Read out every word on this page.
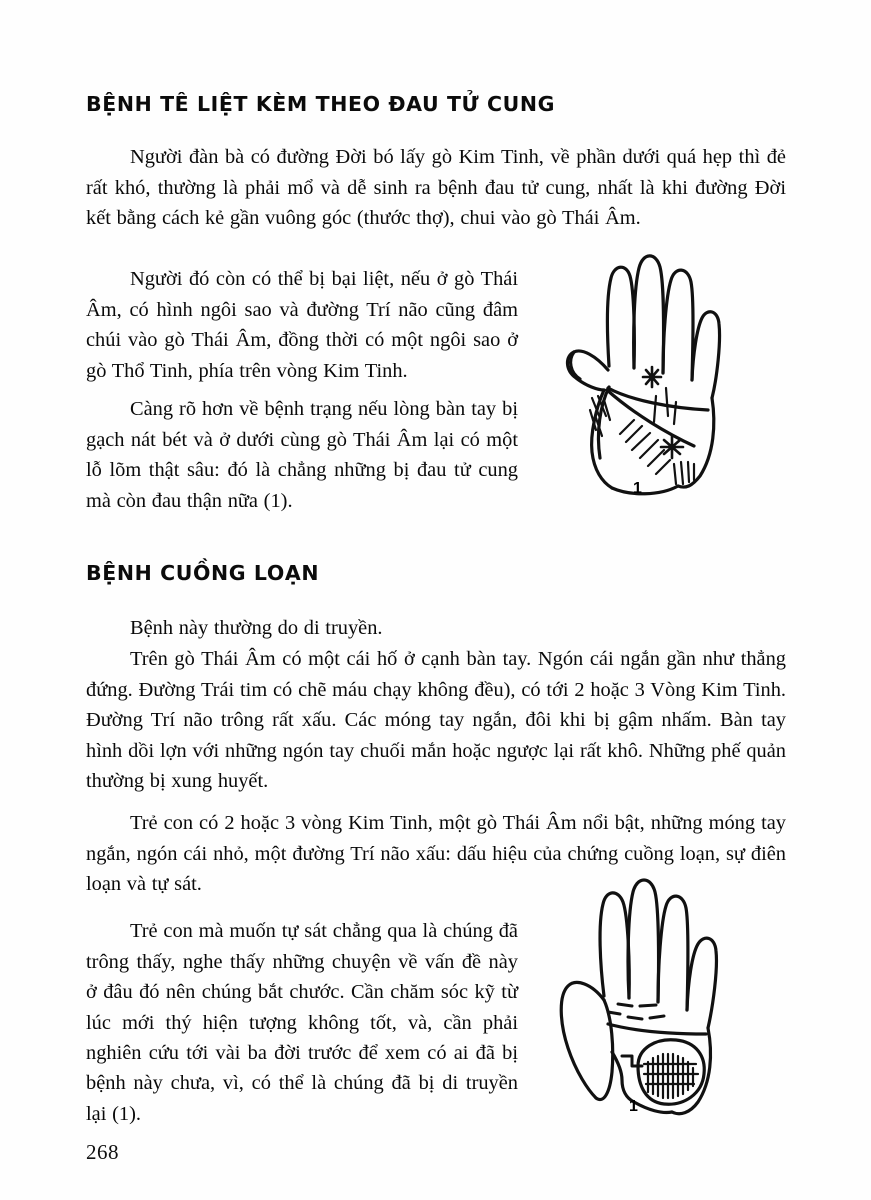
BỆNH TÊ LIỆT KÈM THEO ĐAU TỬ CUNG

Người đàn bà có đường Đời bó lấy gò Kim Tinh, về phần dưới quá hẹp thì đẻ rất khó, thường là phải mổ và dễ sinh ra bệnh đau tử cung, nhất là khi đường Đời kết bằng cách kẻ gần vuông góc (thước thợ), chui vào gò Thái Âm.

Người đó còn có thể bị bại liệt, nếu ở gò Thái Âm, có hình ngôi sao và đường Trí não cũng đâm chúi vào gò Thái Âm, đồng thời có một ngôi sao ở gò Thổ Tinh, phía trên vòng Kim Tinh.

Càng rõ hơn về bệnh trạng nếu lòng bàn tay bị gạch nát bét và ở dưới cùng gò Thái Âm lại có một lỗ lõm thật sâu: đó là chẳng những bị đau tử cung mà còn đau thận nữa (1).

1
BỆNH CUỒNG LOẠN

Bệnh này thường do di truyền.

Trên gò Thái Âm có một cái hố ở cạnh bàn tay. Ngón cái ngắn gần như thẳng đứng. Đường Trái tim có chẽ máu chạy không đều), có tới 2 hoặc 3 Vòng Kim Tinh. Đường Trí não trông rất xấu. Các móng tay ngắn, đôi khi bị gậm nhấm. Bàn tay hình dồi lợn với những ngón tay chuối mắn hoặc ngược lại rất khô. Những phế quản thường bị xung huyết.

Trẻ con có 2 hoặc 3 vòng Kim Tinh, một gò Thái Âm nổi bật, những móng tay ngắn, ngón cái nhỏ, một đường Trí não xấu: dấu hiệu của chứng cuồng loạn, sự điên loạn và tự sát.

Trẻ con mà muốn tự sát chẳng qua là chúng đã trông thấy, nghe thấy những chuyện về vấn đề này ở đâu đó nên chúng bắt chước. Cần chăm sóc kỹ từ lúc mới thý hiện tượng không tốt, và, cần phải nghiên cứu tới vài ba đời trước để xem có ai đã bị bệnh này chưa, vì, có thể là chúng đã bị di truyền lại (1).	1
268
